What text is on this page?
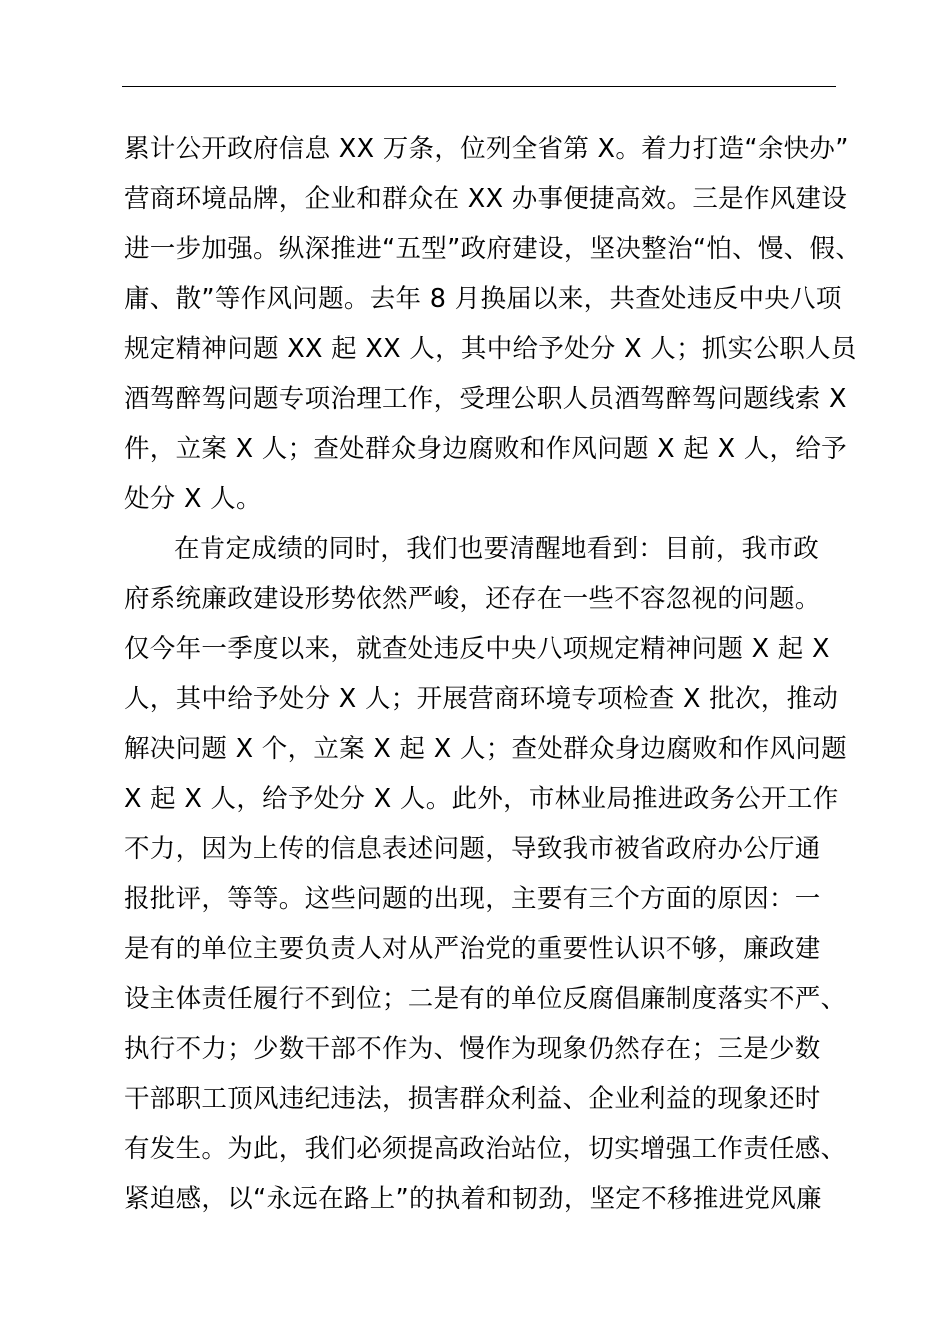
累计公开政府信息 XX 万条，位列全省第 X。着力打造“余快办”
营商环境品牌，企业和群众在 XX 办事便捷高效。三是作风建设
进一步加强。纵深推进“五型”政府建设，坚决整治“怕、慢、假、
庸、散”等作风问题。去年 8 月换届以来，共查处违反中央八项
规定精神问题 XX 起 XX 人，其中给予处分 X 人；抓实公职人员
酒驾醉驾问题专项治理工作，受理公职人员酒驾醉驾问题线索 X
件，立案 X 人；查处群众身边腐败和作风问题 X 起 X 人，给予
处分 X 人。
在肯定成绩的同时，我们也要清醒地看到：目前，我市政
府系统廉政建设形势依然严峻，还存在一些不容忽视的问题。
仅今年一季度以来，就查处违反中央八项规定精神问题 X 起 X
人，其中给予处分 X 人；开展营商环境专项检查 X 批次，推动
解决问题 X 个，立案 X 起 X 人；查处群众身边腐败和作风问题
X 起 X 人，给予处分 X 人。此外，市林业局推进政务公开工作
不力，因为上传的信息表述问题，导致我市被省政府办公厅通
报批评，等等。这些问题的出现，主要有三个方面的原因：一
是有的单位主要负责人对从严治党的重要性认识不够，廉政建
设主体责任履行不到位；二是有的单位反腐倡廉制度落实不严、
执行不力；少数干部不作为、慢作为现象仍然存在；三是少数
干部职工顶风违纪违法，损害群众利益、企业利益的现象还时
有发生。为此，我们必须提高政治站位，切实增强工作责任感、
紧迫感，以“永远在路上”的执着和韧劲，坚定不移推进党风廉
